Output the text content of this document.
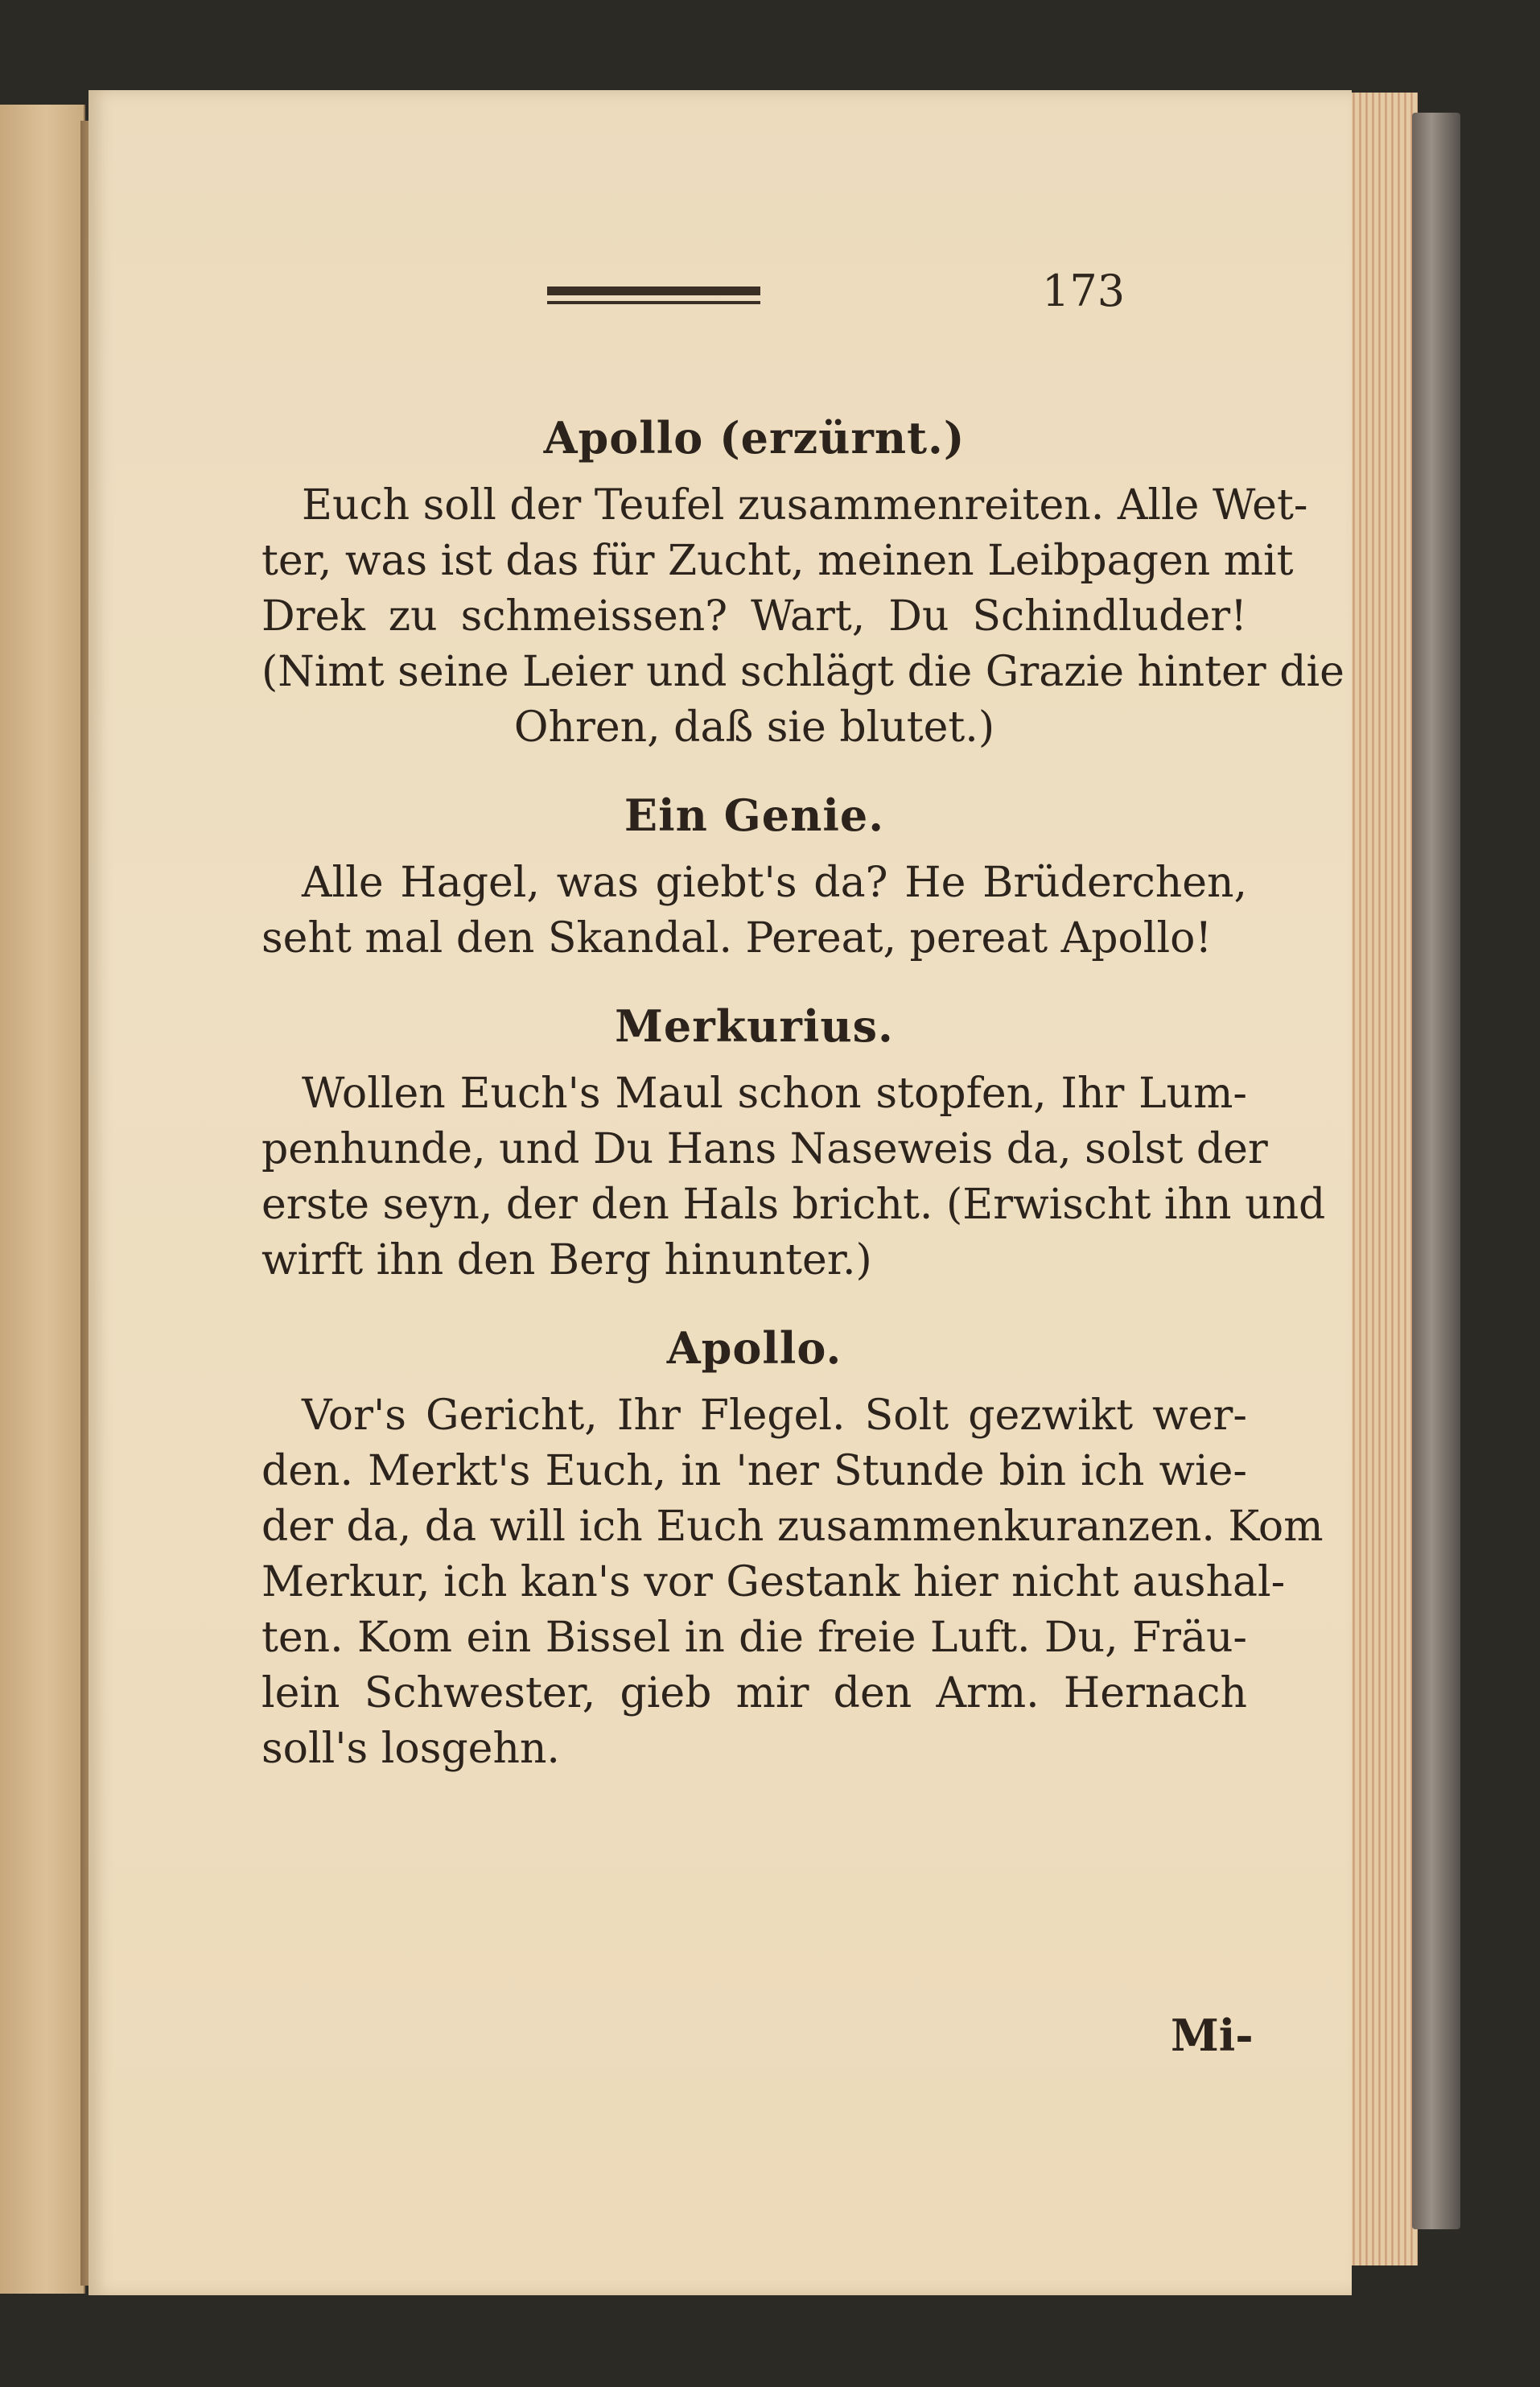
173

Apollo (erzürnt.)

Euch soll der Teufel zusammenreiten. Alle Wet-

ter, was ist das für Zucht, meinen Leibpagen mit

Drek zu schmeissen? Wart, Du Schindluder!

(Nimt seine Leier und schlägt die Grazie hinter die

Ohren, daß sie blutet.)

Ein Genie.

Alle Hagel, was giebt's da? He Brüderchen,

seht mal den Skandal. Pereat, pereat Apollo!

Merkurius.

Wollen Euch's Maul schon stopfen, Ihr Lum-

penhunde, und Du Hans Naseweis da, solst der

erste seyn, der den Hals bricht. (Erwischt ihn und

wirft ihn den Berg hinunter.)

Apollo.

Vor's Gericht, Ihr Flegel. Solt gezwikt wer-

den. Merkt's Euch, in 'ner Stunde bin ich wie-

der da, da will ich Euch zusammenkuranzen. Kom

Merkur, ich kan's vor Gestank hier nicht aushal-

ten. Kom ein Bissel in die freie Luft. Du, Fräu-

lein Schwester, gieb mir den Arm. Hernach

soll's losgehn.

Mi-
